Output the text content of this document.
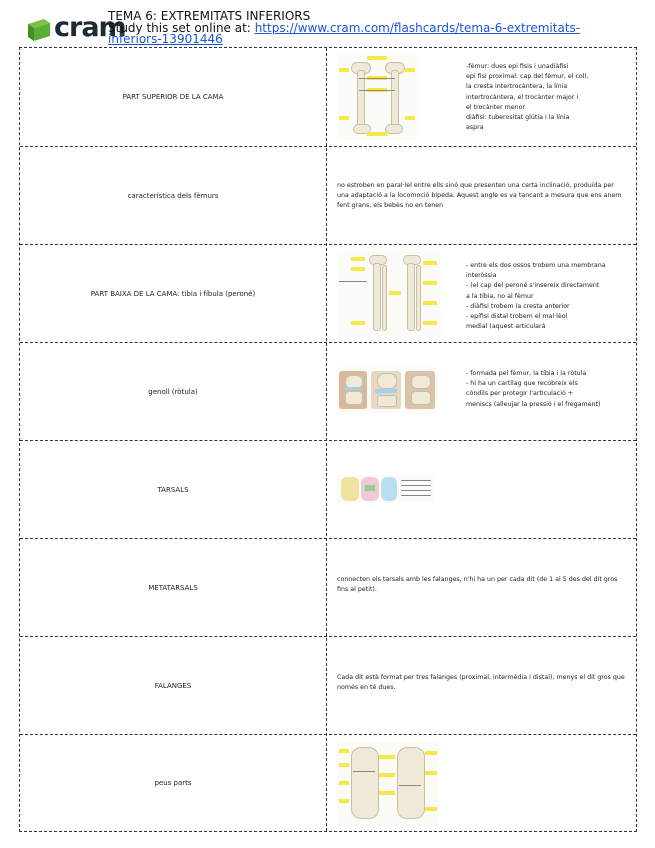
cram
TEMA 6: EXTREMITATS INFERIORS
Study this set online at: https://www.cram.com/flashcards/tema-6-extremitats-inferiors-13901446
PART SUPERIOR DE LA CAMA
-fèmur: dues epi fisis i unadiàfisi
epi fisi proximal: cap del fèmur, el coll,
la cresta intertrocàntera, la línia
intertrocàntera, el trocànter major i
el trocànter menor
diàfisi: tuberositat glútia i la línia
aspra
característica dels fèmurs
no estroben en paral·lel entre ells sinó que presenten una certa inclinació, produïda per una adaptació a la locomoció bípeda. Aquest angle es va tancant a mesura que ens anem fent grans, els bebès no en tenen
PART BAIXA DE LA CAMA: tíbia i fíbula (peroné)
- entre els dos ossos trobem una membrana
interòssia
- (el cap del peroné s'insereix directament
a la tíbia, no al fèmur
- diàfisi trobem la cresta anterior
- epífisi distal trobem el mal·lèol
medial (aquest articulará
genoll (ròtula)
- formada pel fèmur, la tíbia i la ròtula
- hi ha un cartílag que recobreix els
còndils per protegir l'articulació +
meniscs (alleujar la pressió i el fregament)
TARSALS
METATARSALS
connecten els tarsals amb les falanges, n'hi ha un per cada dit (de 1 al 5 des del dit gros fins al petit).
FALANGES
Cada dit està format per tres falanges (proximal, intermèdia i distal), menys el dit gros que només en té dues.
peus parts
